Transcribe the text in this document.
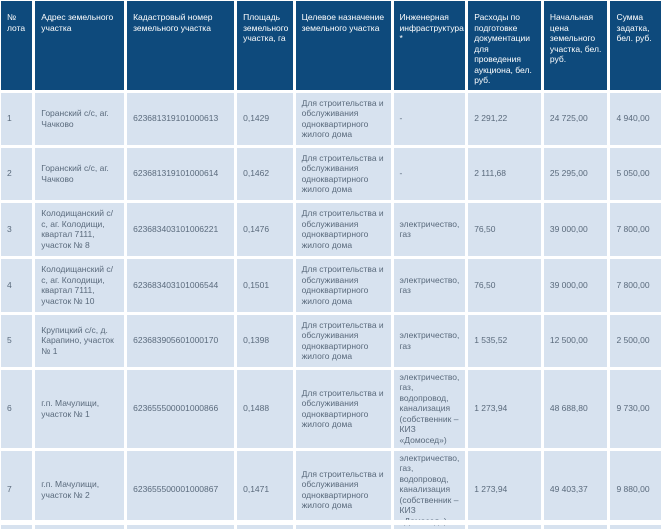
№ лота	Адрес земельного участка	Кадастровый номер земельного участка	Площадь земельного участка, га	Целевое назначение земельного участка	Инженерная инфраструктура *	Расходы по подготовке документации для проведения аукциона, бел. руб.	Начальная цена земельного участка, бел. руб.	Сумма задатка, бел. руб.
1	Горанский с/с, аг. Чачково	623681319101000613	0,1429	Для строительства и обслуживания одноквартирного жилого дома	-	2 291,22	24 725,00	4 940,00
2	Горанский с/с, аг. Чачково	623681319101000614	0,1462	Для строительства и обслуживания одноквартирного жилого дома	-	2 111,68	25 295,00	5 050,00
3	Колодищанский с/с, аг. Колодищи, квартал 7111, участок № 8	623683403101006221	0,1476	Для строительства и обслуживания одноквартирного жилого дома	электричество, газ	76,50	39 000,00	7 800,00
4	Колодищанский с/с, аг. Колодищи, квартал 7111, участок № 10	623683403101006544	0,1501	Для строительства и обслуживания одноквартирного жилого дома	электричество, газ	76,50	39 000,00	7 800,00
5	Крупицкий с/с, д. Карапино, участок № 1	623683905601000170	0,1398	Для строительства и обслуживания одноквартирного жилого дома	электричество, газ	1 535,52	12 500,00	2 500,00
6	г.п. Мачулищи, участок № 1	623655500001000866	0,1488	Для строительства и обслуживания одноквартирного жилого дома	электричество, газ, водопровод, канализация (собственник – КИЗ «Домосед»)	1 273,94	48 688,80	9 730,00
7	г.п. Мачулищи, участок № 2	623655500001000867	0,1471	Для строительства и обслуживания одноквартирного жилого дома	электричество, газ, водопровод, канализация (собственник – КИЗ	1 273,94	49 403,37	9 880,00
